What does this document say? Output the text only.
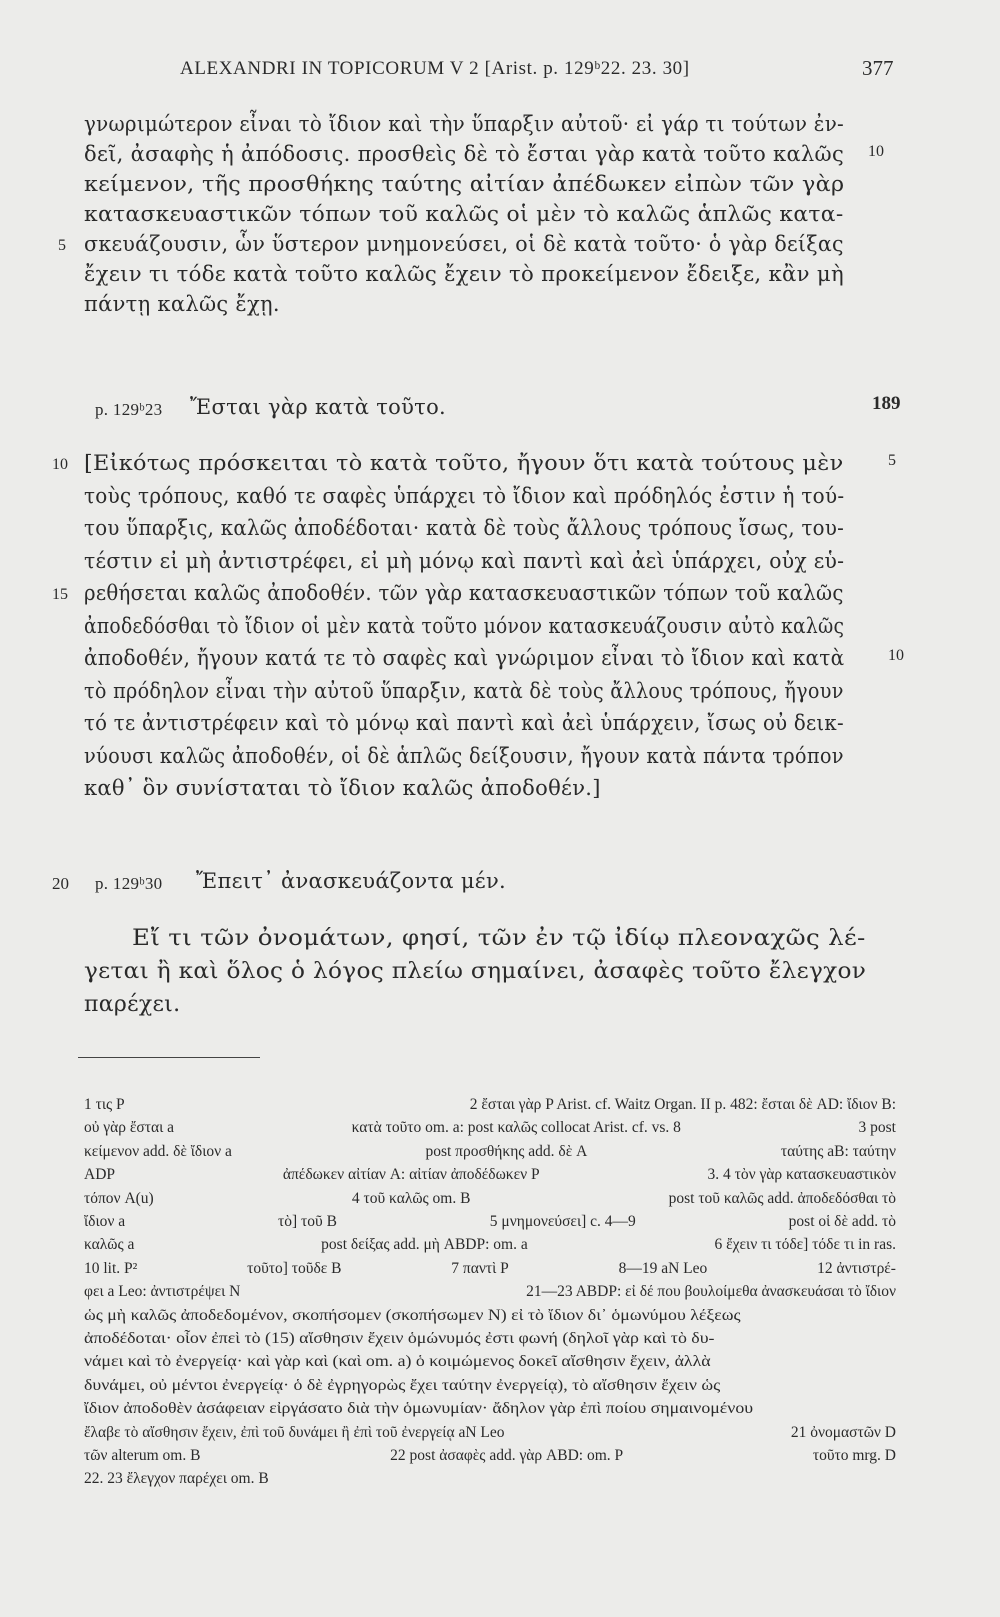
ALEXANDRI IN TOPICORUM V 2 [Arist. p. 129ᵇ22. 23. 30]	377
γνωριμώτερον εἶναι τὸ ἴδιον καὶ τὴν ὕπαρξιν αὐτοῦ· εἰ γάρ τι τούτων ἐν-
δεῖ, ἀσαφὴς ἡ ἀπόδοσις. προσθεὶς δὲ τὸ ἔσται γὰρ κατὰ τοῦτο καλῶς 10
κείμενον, τῆς προσθήκης ταύτης αἰτίαν ἀπέδωκεν εἰπὼν τῶν γὰρ
κατασκευαστικῶν τόπων τοῦ καλῶς οἱ μὲν τὸ καλῶς ἁπλῶς κατα-
σκευάζουσιν, ὧν ὕστερον μνημονεύσει, οἱ δὲ κατὰ τοῦτο· ὁ γὰρ δείξας
5
ἔχειν τι τόδε κατὰ τοῦτο καλῶς ἔχειν τὸ προκείμενον ἔδειξε, κἂν μὴ
πάντῃ καλῶς ἔχῃ.
p. 129ᵇ23 Ἔσται γὰρ κατὰ τοῦτο.	189
[Εἰκότως πρόσκειται τὸ κατὰ τοῦτο, ἤγουν ὅτι κατὰ τούτους μὲν
10	5
τοὺς τρόπους, καθό τε σαφὲς ὑπάρχει τὸ ἴδιον καὶ πρόδηλός ἐστιν ἡ τού-
του ὕπαρξις, καλῶς ἀποδέδοται· κατὰ δὲ τοὺς ἄλλους τρόπους ἴσως, του-
τέστιν εἰ μὴ ἀντιστρέφει, εἰ μὴ μόνῳ καὶ παντὶ καὶ ἀεὶ ὑπάρχει, οὐχ εὑ-
ρεθήσεται καλῶς ἀποδοθέν. τῶν γὰρ κατασκευαστικῶν τόπων τοῦ καλῶς
15
ἀποδεδόσθαι τὸ ἴδιον οἱ μὲν κατὰ τοῦτο μόνον κατασκευάζουσιν αὐτὸ καλῶς
ἀποδοθέν, ἤγουν κατά τε τὸ σαφὲς καὶ γνώριμον εἶναι τὸ ἴδιον καὶ κατὰ	10
τὸ πρόδηλον εἶναι τὴν αὐτοῦ ὕπαρξιν, κατὰ δὲ τοὺς ἄλλους τρόπους, ἤγουν
τό τε ἀντιστρέφειν καὶ τὸ μόνῳ καὶ παντὶ καὶ ἀεὶ ὑπάρχειν, ἴσως οὐ δεικ-
νύουσι καλῶς ἀποδοθέν, οἱ δὲ ἁπλῶς δείξουσιν, ἤγουν κατὰ πάντα τρόπον
καθ᾽ ὃν συνίσταται τὸ ἴδιον καλῶς ἀποδοθέν.]
20 p. 129ᵇ30 Ἔπειτ᾽ ἀνασκευάζοντα μέν.
Εἴ τι τῶν ὀνομάτων, φησί, τῶν ἐν τῷ ἰδίῳ πλεοναχῶς λέ-
γεται ἢ καὶ ὅλος ὁ λόγος πλείω σημαίνει, ἀσαφὲς τοῦτο ἔλεγχον
παρέχει.
1 τις P	2 ἔσται γὰρ P Arist. cf. Waitz Organ. II p. 482: ἔσται δὲ AD: ἴδιον B:
οὐ γὰρ ἔσται a	κατὰ τοῦτο om. a: post καλῶς collocat Arist. cf. vs. 8	3 post
κείμενον add. δὲ ἴδιον a	post προσθήκης add. δὲ A	ταύτης aB: ταύτην
ADP	ἀπέδωκεν αἰτίαν A: αἰτίαν ἀποδέδωκεν P	3. 4 τὸν γὰρ κατασκευαστικὸν
τόπον A(u)	4 τοῦ καλῶς om. B	post τοῦ καλῶς add. ἀποδεδόσθαι τὸ
ἴδιον a	τὸ] τοῦ B	5 μνημονεύσει] c. 4—9	post οἱ δὲ add. τὸ
καλῶς a	post δείξας add. μὴ ABDP: om. a	6 ἔχειν τι τόδε] τόδε τι in ras.
10 lit. P²	τοῦτο] τοῦδε B	7 παντὶ P	8—19 aN Leo	12 ἀντιστρέ-
φει a Leo: ἀντιστρέψει N	21—23 ABDP: εἰ δέ που βουλοίμεθα ἀνασκευάσαι τὸ ἴδιον
ὡς μὴ καλῶς ἀποδεδομένον, σκοπήσομεν (σκοπήσωμεν N) εἰ τὸ ἴδιον δι᾽ ὁμωνύμου λέξεως
ἀποδέδοται· οἷον ἐπεὶ τὸ (15) αἴσθησιν ἔχειν ὁμώνυμός ἐστι φωνή (δηλοῖ γὰρ καὶ τὸ δυ-
νάμει καὶ τὸ ἐνεργείᾳ· καὶ γὰρ καὶ (καὶ om. a) ὁ κοιμώμενος δοκεῖ αἴσθησιν ἔχειν, ἀλλὰ
δυνάμει, οὐ μέντοι ἐνεργείᾳ· ὁ δὲ ἐγρηγορὼς ἔχει ταύτην ἐνεργείᾳ), τὸ αἴσθησιν ἔχειν ὡς
ἴδιον ἀποδοθὲν ἀσάφειαν εἰργάσατο διὰ τὴν ὁμωνυμίαν· ἄδηλον γὰρ ἐπὶ ποίου σημαινομένου
ἔλαβε τὸ αἴσθησιν ἔχειν, ἐπὶ τοῦ δυνάμει ἢ ἐπὶ τοῦ ἐνεργείᾳ aN Leo	21 ὀνομαστῶν D
τῶν alterum om. B	22 post ἀσαφὲς add. γὰρ ABD: om. P	τοῦτο mrg. D
22. 23 ἔλεγχον παρέχει om. B
